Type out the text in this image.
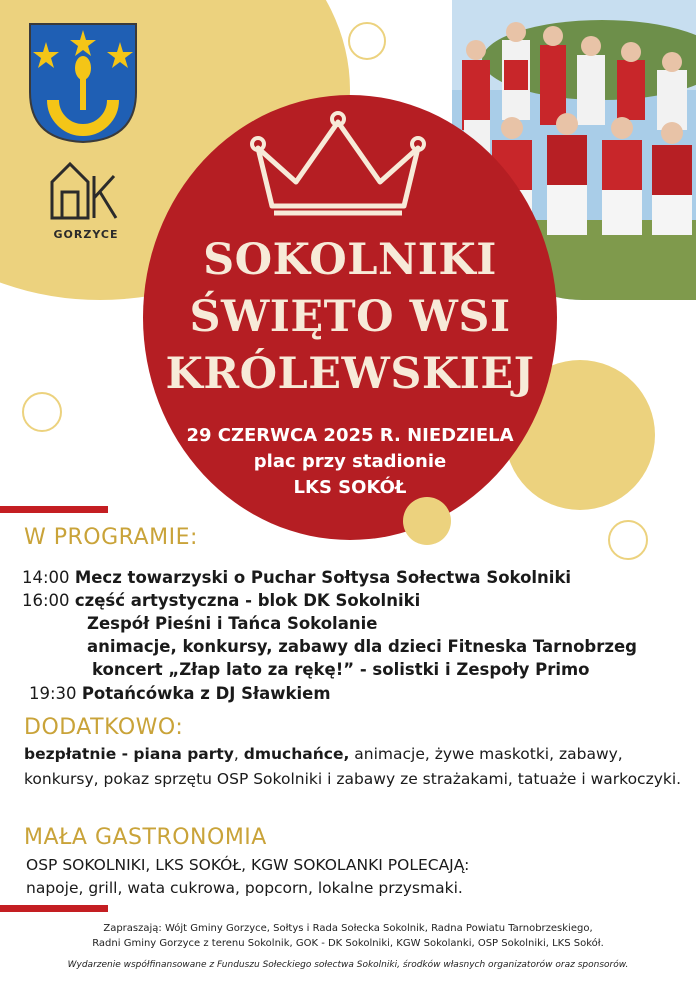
GORZYCE
SOKOLNIKI
ŚWIĘTO WSI
KRÓLEWSKIEJ
29 CZERWCA 2025 R. NIEDZIELA
plac przy stadionie
LKS SOKÓŁ
W PROGRAMIE:
14:00 Mecz towarzyski o Puchar Sołtysa Sołectwa Sokolniki
16:00 część artystyczna - blok DK Sokolniki
Zespół Pieśni i Tańca Sokolanie
animacje, konkursy, zabawy dla dzieci Fitneska Tarnobrzeg
koncert „Złap lato za rękę!” - solistki i Zespoły Primo
19:30 Potańcówka z DJ Sławkiem
DODATKOWO:
bezpłatnie - piana party, dmuchańce, animacje, żywe maskotki, zabawy, konkursy, pokaz sprzętu OSP Sokolniki i zabawy ze strażakami, tatuaże i warkoczyki.
MAŁA GASTRONOMIA
OSP SOKOLNIKI, LKS SOKÓŁ, KGW SOKOLANKI POLECAJĄ:
napoje, grill, wata cukrowa, popcorn, lokalne przysmaki.
Zapraszają: Wójt Gminy Gorzyce, Sołtys i Rada Sołecka Sokolnik, Radna Powiatu Tarnobrzeskiego,
Radni Gminy Gorzyce z terenu Sokolnik, GOK - DK Sokolniki, KGW Sokolanki, OSP Sokolniki, LKS Sokół.
Wydarzenie współfinansowane z Funduszu Sołeckiego sołectwa Sokolniki, środków własnych organizatorów oraz sponsorów.
